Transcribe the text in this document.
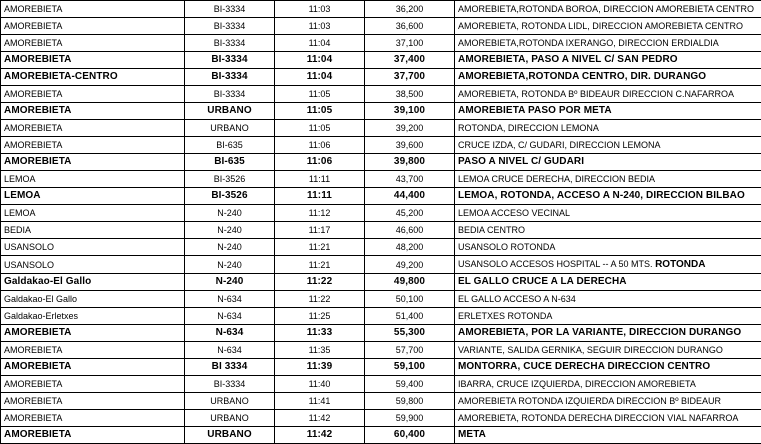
AMOREBIETA	BI-3334	11:03	36,200	AMOREBIETA,ROTONDA BOROA, DIRECCION AMOREBIETA CENTRO
AMOREBIETA	BI-3334	11:03	36,600	AMOREBIETA, ROTONDA LIDL, DIRECCION AMOREBIETA CENTRO
AMOREBIETA	BI-3334	11:04	37,100	AMOREBIETA,ROTONDA IXERANGO, DIRECCION ERDIALDIA
AMOREBIETA	BI-3334	11:04	37,400	AMOREBIETA, PASO A NIVEL C/ SAN PEDRO
AMOREBIETA-CENTRO	BI-3334	11:04	37,700	AMOREBIETA,ROTONDA CENTRO, DIR. DURANGO
AMOREBIETA	BI-3334	11:05	38,500	AMOREBIETA, ROTONDA Bº BIDEAUR DIRECCION C.NAFARROA
AMOREBIETA	URBANO	11:05	39,100	AMOREBIETA PASO POR META
AMOREBIETA	URBANO	11:05	39,200	ROTONDA, DIRECCION LEMONA
AMOREBIETA	BI-635	11:06	39,600	CRUCE IZDA, C/ GUDARI, DIRECCION LEMONA
AMOREBIETA	BI-635	11:06	39,800	PASO A NIVEL C/ GUDARI
LEMOA	BI-3526	11:11	43,700	LEMOA CRUCE DERECHA, DIRECCION BEDIA
LEMOA	BI-3526	11:11	44,400	LEMOA, ROTONDA, ACCESO A N-240, DIRECCION BILBAO
LEMOA	N-240	11:12	45,200	LEMOA ACCESO VECINAL
BEDIA	N-240	11:17	46,600	BEDIA CENTRO
USANSOLO	N-240	11:21	48,200	USANSOLO ROTONDA
USANSOLO	N-240	11:21	49,200	USANSOLO ACCESOS HOSPITAL -- A 50 MTS. ROTONDA
Galdakao-El Gallo	N-240	11:22	49,800	EL GALLO CRUCE A LA DERECHA
Galdakao-El Gallo	N-634	11:22	50,100	EL GALLO ACCESO A N-634
Galdakao-Erletxes	N-634	11:25	51,400	ERLETXES ROTONDA
AMOREBIETA	N-634	11:33	55,300	AMOREBIETA, POR LA VARIANTE, DIRECCION DURANGO
AMOREBIETA	N-634	11:35	57,700	VARIANTE, SALIDA GERNIKA, SEGUIR DIRECCION DURANGO
AMOREBIETA	BI 3334	11:39	59,100	MONTORRA, CUCE DERECHA DIRECCION CENTRO
AMOREBIETA	BI-3334	11:40	59,400	IBARRA, CRUCE IZQUIERDA, DIRECCION AMOREBIETA
AMOREBIETA	URBANO	11:41	59,800	AMOREBIETA ROTONDA IZQUIERDA DIRECCION Bº BIDEAUR
AMOREBIETA	URBANO	11:42	59,900	AMOREBIETA, ROTONDA DERECHA DIRECCION VIAL NAFARROA
AMOREBIETA	URBANO	11:42	60,400	META
